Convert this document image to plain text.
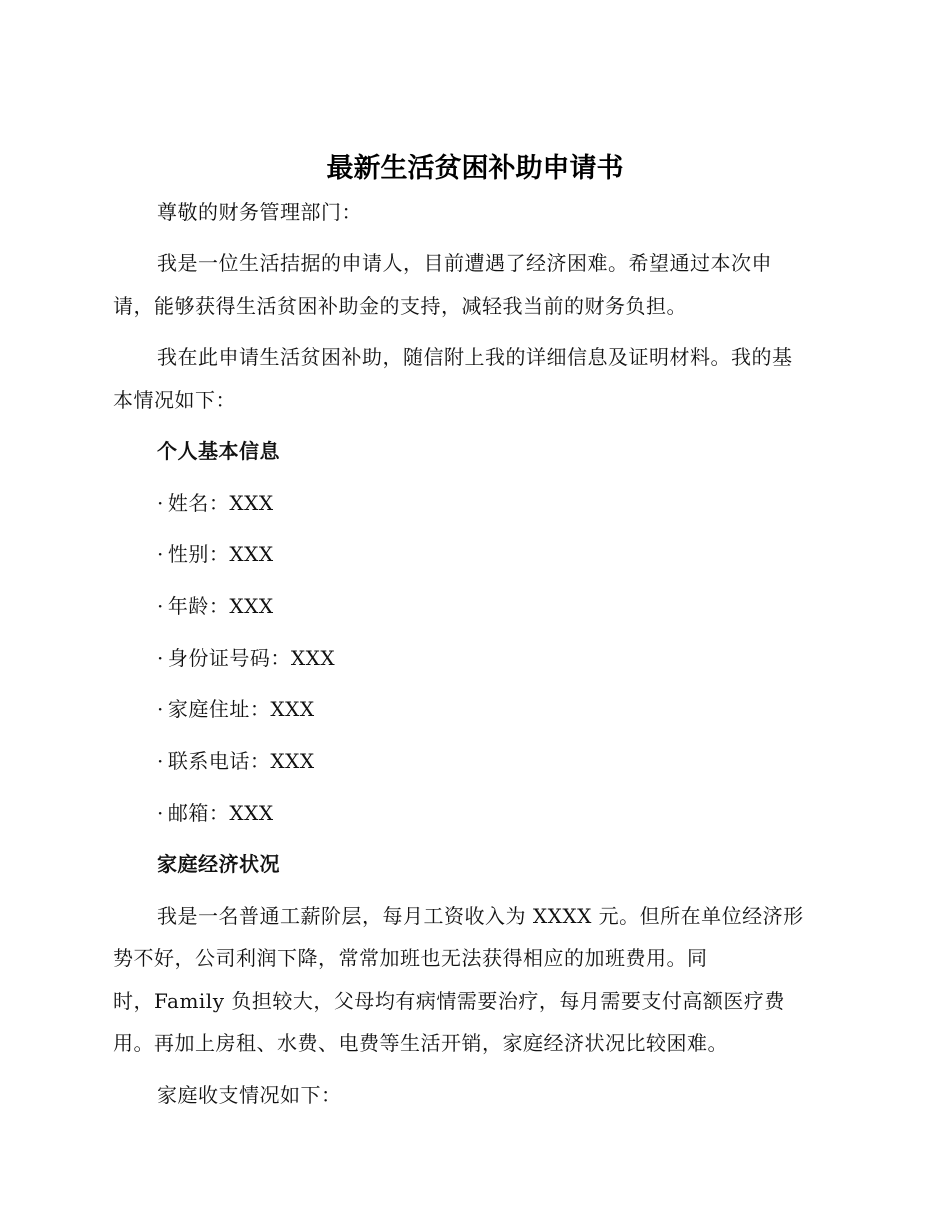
最新生活贫困补助申请书
尊敬的财务管理部门：
我是一位生活拮据的申请人，目前遭遇了经济困难。希望通过本次申
请，能够获得生活贫困补助金的支持，减轻我当前的财务负担。
我在此申请生活贫困补助，随信附上我的详细信息及证明材料。我的基
本情况如下：
个人基本信息
· 姓名：XXX
· 性别：XXX
· 年龄：XXX
· 身份证号码：XXX
· 家庭住址：XXX
· 联系电话：XXX
· 邮箱：XXX
家庭经济状况
我是一名普通工薪阶层，每月工资收入为 XXXX 元。但所在单位经济形
势不好，公司利润下降，常常加班也无法获得相应的加班费用。同
时，Family 负担较大，父母均有病情需要治疗，每月需要支付高额医疗费
用。再加上房租、水费、电费等生活开销，家庭经济状况比较困难。
家庭收支情况如下：
